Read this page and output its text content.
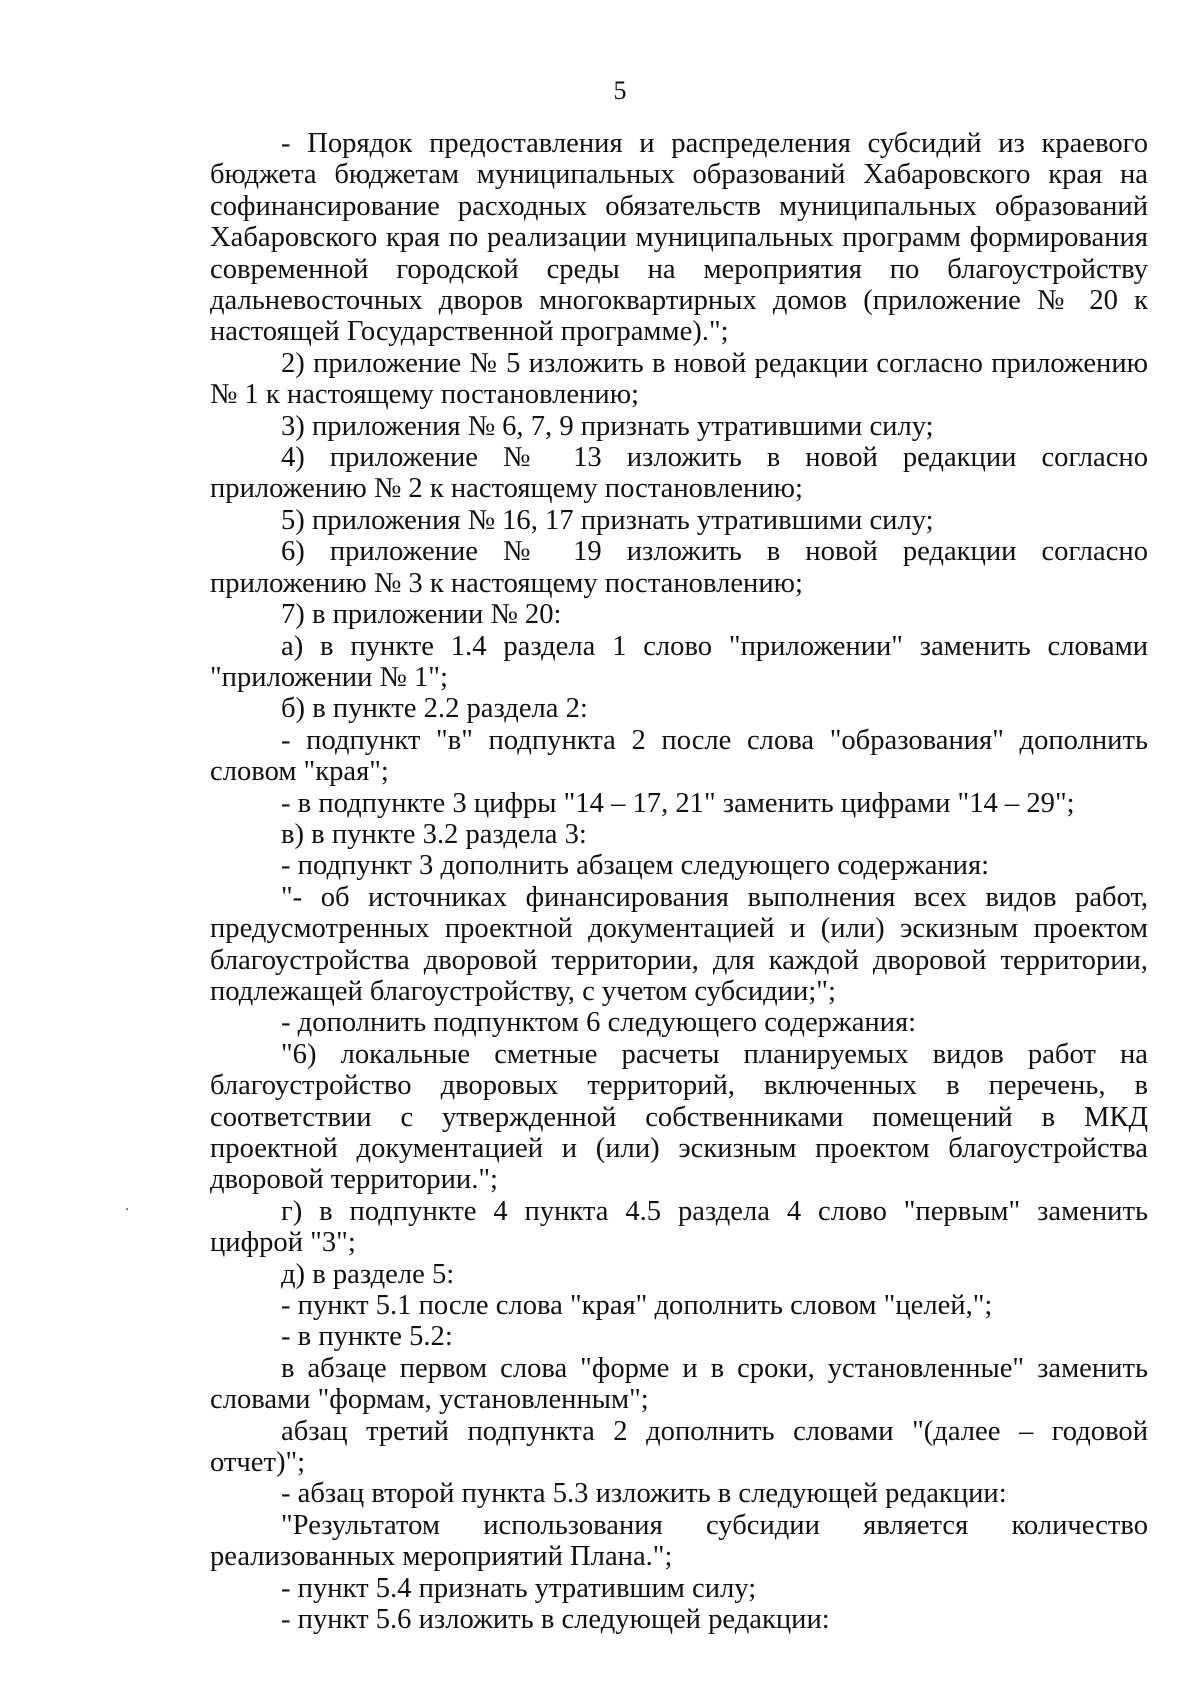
5

- Порядок предоставления и распределения субсидий из краевого бюджета бюджетам муниципальных образований Хабаровского края на софинансирование расходных обязательств муниципальных образований Хабаровского края по реализации муниципальных программ формирования современной городской среды на мероприятия по благоустройству дальневосточных дворов многоквартирных домов (приложение № 20 к настоящей Государственной программе).";

2) приложение № 5 изложить в новой редакции согласно приложению № 1 к настоящему постановлению;

3) приложения № 6, 7, 9 признать утратившими силу;

4) приложение № 13 изложить в новой редакции согласно приложению № 2 к настоящему постановлению;

5) приложения № 16, 17 признать утратившими силу;

6) приложение № 19 изложить в новой редакции согласно приложению № 3 к настоящему постановлению;

7) в приложении № 20:

а) в пункте 1.4 раздела 1 слово "приложении" заменить словами "приложении № 1";

б) в пункте 2.2 раздела 2:

- подпункт "в" подпункта 2 после слова "образования" дополнить словом "края";

- в подпункте 3 цифры "14 – 17, 21" заменить цифрами "14 – 29";

в) в пункте 3.2 раздела 3:

- подпункт 3 дополнить абзацем следующего содержания:

"- об источниках финансирования выполнения всех видов работ, предусмотренных проектной документацией и (или) эскизным проектом благоустройства дворовой территории, для каждой дворовой территории, подлежащей благоустройству, с учетом субсидии;";

- дополнить подпунктом 6 следующего содержания:

"6) локальные сметные расчеты планируемых видов работ на благоустройство дворовых территорий, включенных в перечень, в соответствии с утвержденной собственниками помещений в МКД проектной документацией и (или) эскизным проектом благоустройства дворовой территории.";

г) в подпункте 4 пункта 4.5 раздела 4 слово "первым" заменить цифрой "3";

д) в разделе 5:

- пункт 5.1 после слова "края" дополнить словом "целей,";

- в пункте 5.2:

в абзаце первом слова "форме и в сроки, установленные" заменить словами "формам, установленным";

абзац третий подпункта 2 дополнить словами "(далее – годовой отчет)";

- абзац второй пункта 5.3 изложить в следующей редакции:

"Результатом использования субсидии является количество реализованных мероприятий Плана.";

- пункт 5.4 признать утратившим силу;

- пункт 5.6 изложить в следующей редакции:
